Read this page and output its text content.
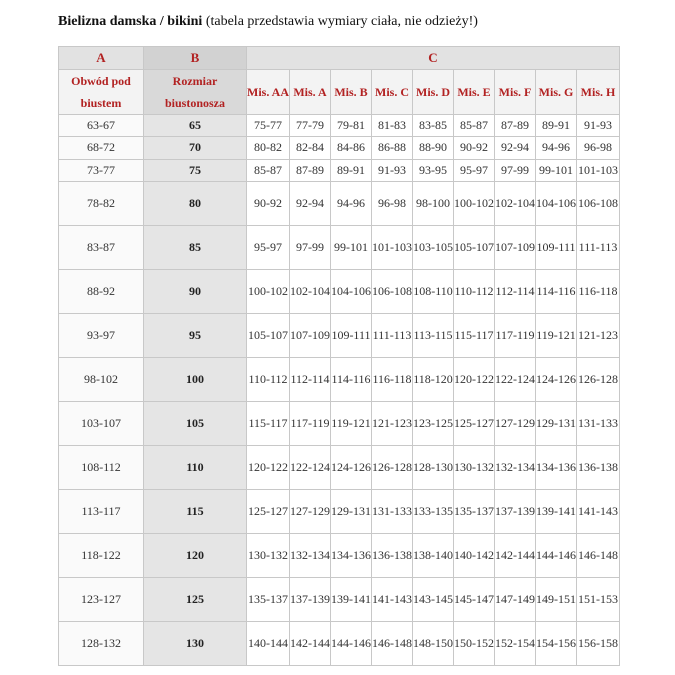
Bielizna damska / bikini (tabela przedstawia wymiary ciała, nie odzieży!)
A	B	C								
Obwód pod biustem	Rozmiar biustonosza	Mis. AA	Mis. A	Mis. B	Mis. C	Mis. D	Mis. E	Mis. F	Mis. G	Mis. H
63-67	65	75-77	77-79	79-81	81-83	83-85	85-87	87-89	89-91	91-93
68-72	70	80-82	82-84	84-86	86-88	88-90	90-92	92-94	94-96	96-98
73-77	75	85-87	87-89	89-91	91-93	93-95	95-97	97-99	99-101	101-103
78-82	80	90-92	92-94	94-96	96-98	98-100	100-102	102-104	104-106	106-108
83-87	85	95-97	97-99	99-101	101-103	103-105	105-107	107-109	109-111	111-113
88-92	90	100-102	102-104	104-106	106-108	108-110	110-112	112-114	114-116	116-118
93-97	95	105-107	107-109	109-111	111-113	113-115	115-117	117-119	119-121	121-123
98-102	100	110-112	112-114	114-116	116-118	118-120	120-122	122-124	124-126	126-128
103-107	105	115-117	117-119	119-121	121-123	123-125	125-127	127-129	129-131	131-133
108-112	110	120-122	122-124	124-126	126-128	128-130	130-132	132-134	134-136	136-138
113-117	115	125-127	127-129	129-131	131-133	133-135	135-137	137-139	139-141	141-143
118-122	120	130-132	132-134	134-136	136-138	138-140	140-142	142-144	144-146	146-148
123-127	125	135-137	137-139	139-141	141-143	143-145	145-147	147-149	149-151	151-153
128-132	130	140-144	142-144	144-146	146-148	148-150	150-152	152-154	154-156	156-158
